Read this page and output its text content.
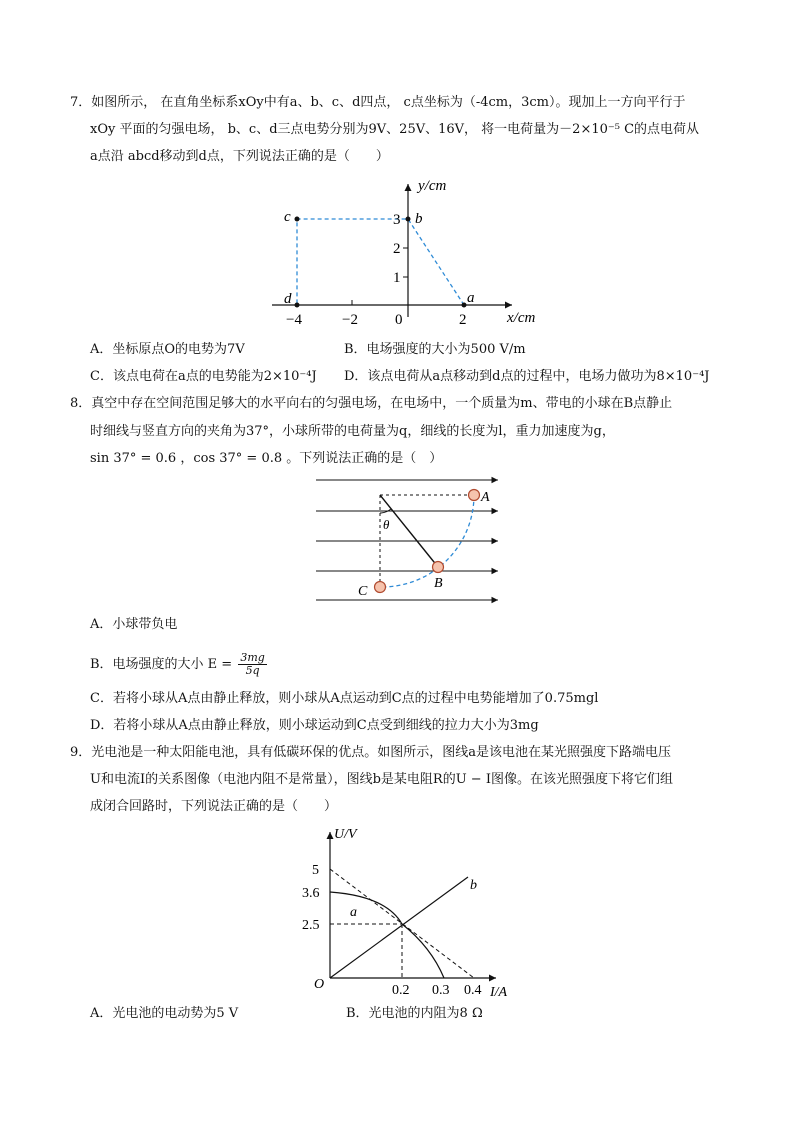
7．如图所示， 在直角坐标系xOy中有a、b、c、d四点， c点坐标为（-4cm，3cm）。现加上一方向平行于
xOy 平面的匀强电场， b、c、d三点电势分别为9V、25V、16V， 将一电荷量为－2×10⁻⁵ C的点电荷从
a点沿 abcd移动到d点，下列说法正确的是（　　）
y/cm
x/cm
c	b
a
d
3
2
1
−4	−2 0	2
A．坐标原点O的电势为7V	B．电场强度的大小为500 V/m
C．该点电荷在a点的电势能为2×10⁻⁴J D．该点电荷从a点移动到d点的过程中，电场力做功为8×10⁻⁴J
8．真空中存在空间范围足够大的水平向右的匀强电场，在电场中，一个质量为m、带电的小球在B点静止
时细线与竖直方向的夹角为37°，小球所带的电荷量为q，细线的长度为l，重力加速度为g，
sin 37° = 0.6 ，cos 37° = 0.8 。下列说法正确的是（　）
A
B
C
θ
A．小球带负电
B．电场强度的大小 $E = \frac{3mg}{5q}$
C．若将小球从A点由静止释放，则小球从A点运动到C点的过程中电势能增加了0.75mgl
D．若将小球从A点由静止释放，则小球运动到C点受到细线的拉力大小为3mg
9．光电池是一种太阳能电池，具有低碳环保的优点。如图所示，图线a是该电池在某光照强度下路端电压
U和电流I的关系图像（电池内阻不是常量），图线b是某电阻R的U − I图像。在该光照强度下将它们组
成闭合回路时，下列说法正确的是（　　）
U/V
I/A
O
5
3.6
2.5
0.2 0.3 0.4
a
b
A．光电池的电动势为5 V	B．光电池的内阻为8 Ω
